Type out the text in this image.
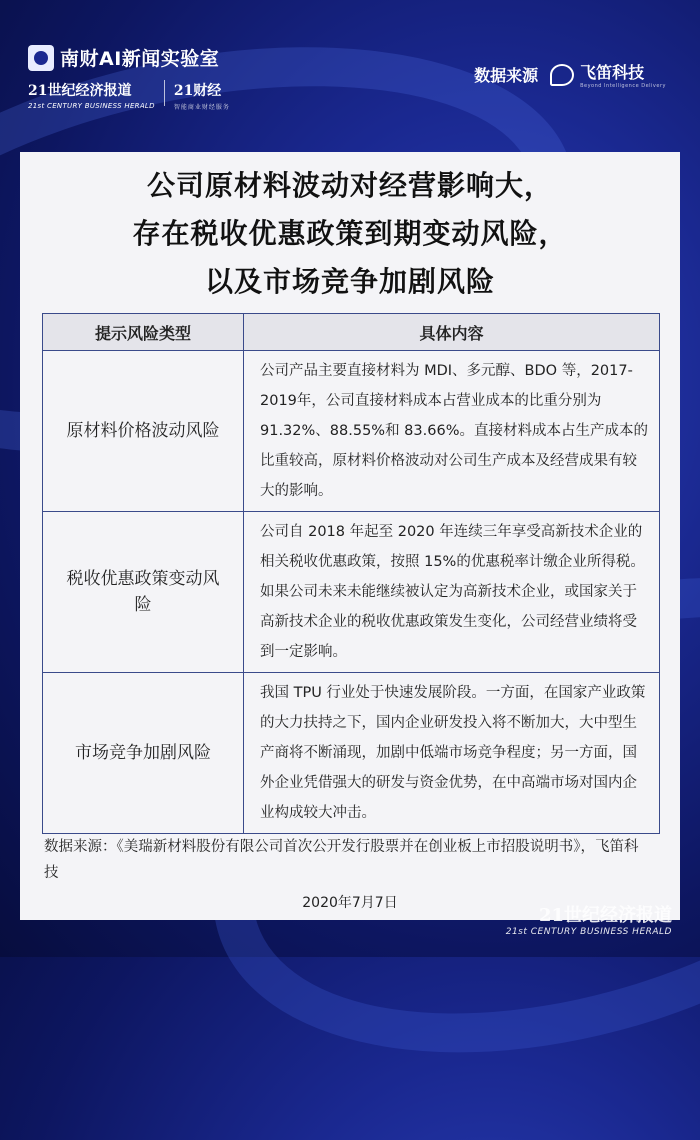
南财AI新闻实验室
21世纪经济报道
21st CENTURY BUSINESS HERALD
21财经
智能商业财经服务
数据来源	飞笛科技
Beyond Intelligence Delivery
公司原材料波动对经营影响大，
存在税收优惠政策到期变动风险，
以及市场竞争加剧风险
提示风险类型	具体内容
原材料价格波动风险	公司产品主要直接材料为 MDI、多元醇、BDO 等，2017-2019年，公司直接材料成本占营业成本的比重分别为 91.32%、88.55%和 83.66%。直接材料成本占生产成本的比重较高，原材料价格波动对公司生产成本及经营成果有较大的影响。
税收优惠政策变动风险	公司自 2018 年起至 2020 年连续三年享受高新技术企业的相关税收优惠政策，按照 15%的优惠税率计缴企业所得税。如果公司未来未能继续被认定为高新技术企业，或国家关于高新技术企业的税收优惠政策发生变化，公司经营业绩将受到一定影响。
市场竞争加剧风险	我国 TPU 行业处于快速发展阶段。一方面，在国家产业政策的大力扶持之下，国内企业研发投入将不断加大，大中型生产商将不断涌现，加剧中低端市场竞争程度；另一方面，国外企业凭借强大的研发与资金优势，在中高端市场对国内企业构成较大冲击。
数据来源：《美瑞新材料股份有限公司首次公开发行股票并在创业板上市招股说明书》，飞笛科技
2020年7月7日
21世纪经济报道
21st CENTURY BUSINESS HERALD
